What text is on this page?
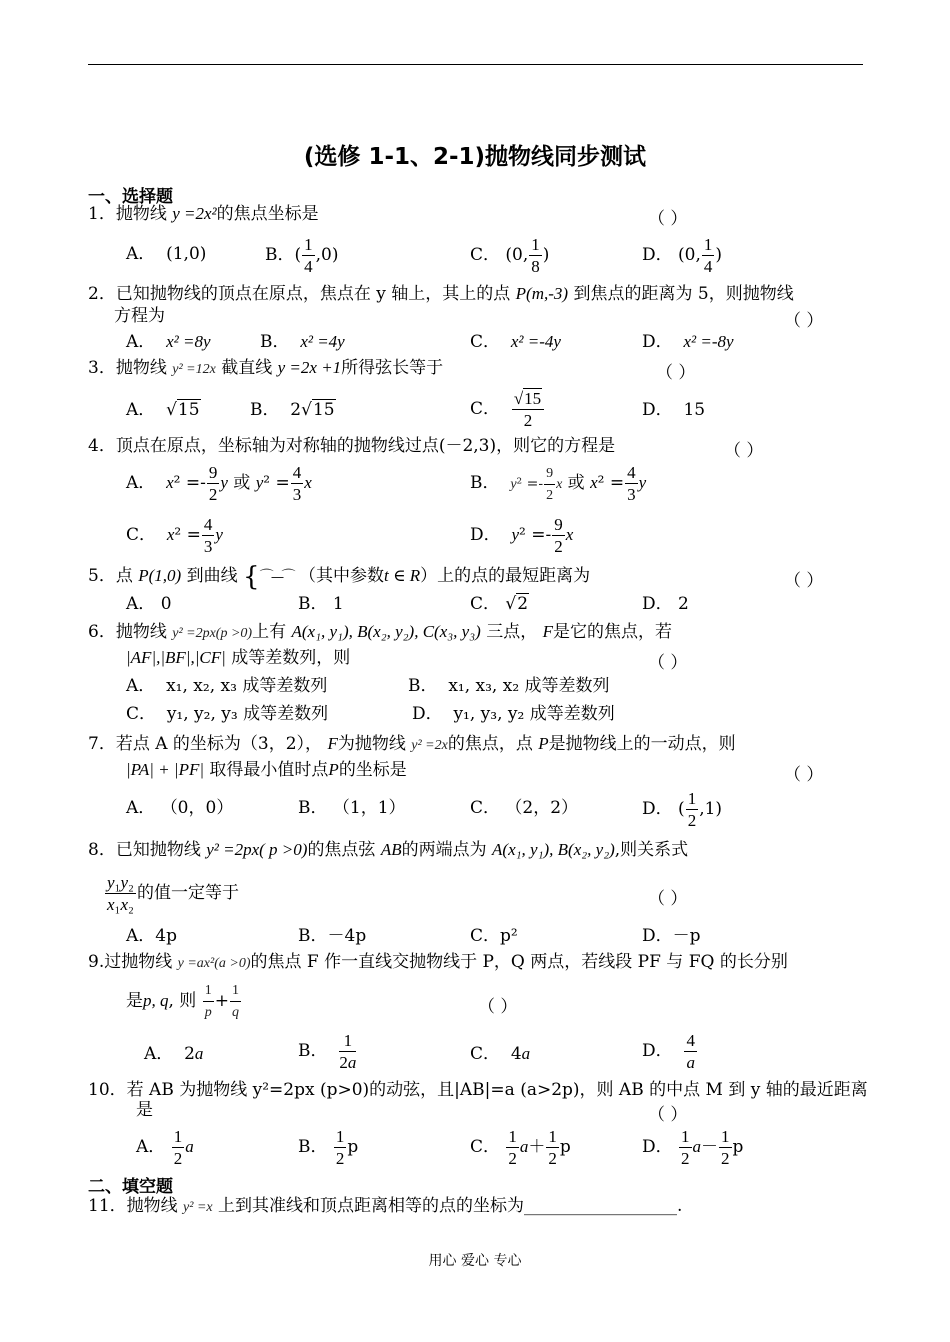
(选修 1-1、2-1)抛物线同步测试
一、选择题
1．抛物线 y =2x²的焦点坐标是	（ ）
A．  (1,0)	B．( $\frac{1}{4} ,0$)	C． (0, $\frac{1}{8}$ )	D． (0, $\frac{1}{4}$ )
2．已知抛物线的顶点在原点，焦点在 y 轴上，其上的点 P(m,-3) 到焦点的距离为 5，则抛物线
方程为	（ ）
A． x² =8y	B． x² =4y	C． x² =-4y	D． x² =-8y
3．抛物线 y² =12x 截直线 y =2x +1所得弦长等于	（ ）
A．  √15	B．  2√15	C． $\frac{√15}{2}$	D． 15
4．顶点在原点，坐标轴为对称轴的抛物线过点(－2,3)，则它的方程是	（ ）
A． $x^2 =- \frac{9}{2}$ y 或 $y^2 = \frac{4}{3}$ x	B． $y^2 =- \frac{9}{2}$ x 或 $x^2 = \frac{4}{3}$ y
C． $x^2 = \frac{4}{3}$ y	D． $y^2 =- \frac{9}{2}$ x
5．点 P(1,0) 到曲线 {⌒⎯⎯⌒ （其中参数t ∈ R）上的点的最短距离为	（ ）
A． 0	B． 1	C． √2	D． 2
6．抛物线 y² =2px(p >0)上有 A(x₁, y₁), B(x₂, y₂), C(x₃, y₃) 三点， F是它的焦点，若
|AF|,|BF|,|CF| 成等差数列，则	（ ）
A． x₁, x₂, x₃ 成等差数列	B． x₁, x₃, x₂ 成等差数列
C． y₁, y₂, y₃ 成等差数列	D． y₁, y₃, y₂ 成等差数列
7．若点 A 的坐标为（3，2）， F为抛物线 y² =2x的焦点，点 P是抛物线上的一动点，则
|PA| + |PF| 取得最小值时点P的坐标是	（ ）
A． （0，0）	B． （1，1）	C． （2，2）	D． ( $\frac{1}{2} ,1$)
8．已知抛物线 y² =2px( p >0)的焦点弦 AB的两端点为 A(x₁, y₁), B(x₂, y₂),则关系式
$\frac{\text{y₁y₂}}{\text{x₁x₂}}$ 的值一定等于	（ ）
A．4p	B．－4p	C．p²	D．－p
9.过抛物线 y =ax²(a >0)的焦点 F 作一直线交抛物线于 P，Q 两点，若线段 PF 与 FQ 的长分别
是p, q, 则 $\frac{1}{p} + \frac{1}{q}$	（ ）
A．  2a	B． $\frac{1}{2a}$	C．  4a	D． $\frac{4}{a}$
10．若 AB 为抛物线 y²=2px (p>0)的动弦，且|AB|=a (a>2p)，则 AB 的中点 M 到 y 轴的最近距离
是	（ ）
A． $\frac{1}{2}$ a	B． $\frac{1}{2}$ p	C． $\frac{1}{2} a+ \frac{1}{2}$ p	D． $\frac{1}{2} a- \frac{1}{2}$ p
二、填空题
11．抛物线 y² =x 上到其准线和顶点距离相等的点的坐标为__________________.
用心 爱心 专心
